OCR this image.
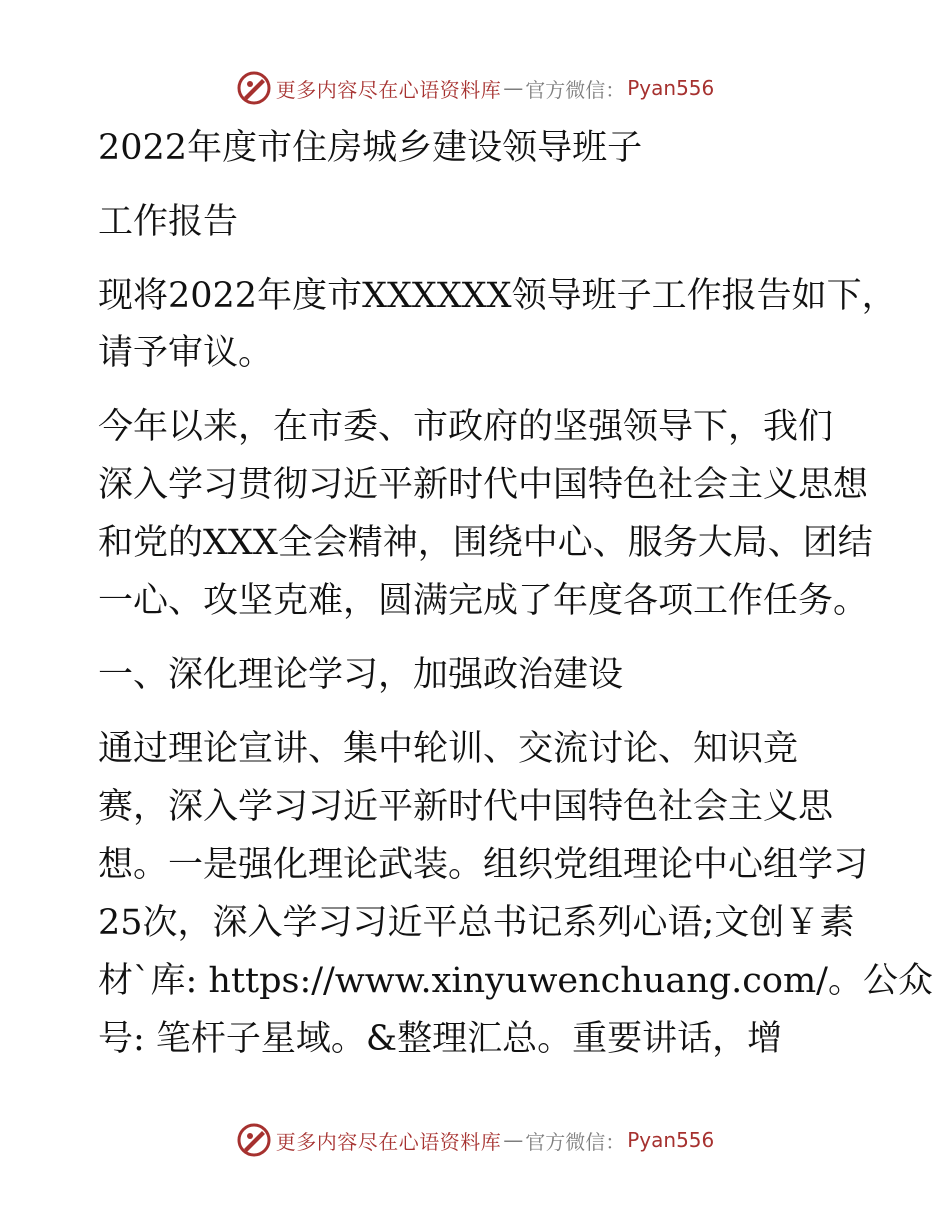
更多内容尽在心语资料库 — 官方微信： Pyan556
2022年度市住房城乡建设领导班子
工作报告
现将2022年度市XXXXXX领导班子工作报告如下，
请予审议。
今年以来，在市委、市政府的坚强领导下，我们
深入学习贯彻习近平新时代中国特色社会主义思想
和党的XXX全会精神，围绕中心、服务大局、团结
一心、攻坚克难，圆满完成了年度各项工作任务。
一、深化理论学习，加强政治建设
通过理论宣讲、集中轮训、交流讨论、知识竞
赛，深入学习习近平新时代中国特色社会主义思
想。一是强化理论武装。组织党组理论中心组学习
25次，深入学习习近平总书记系列心语;文创￥素
材`库: https://www.xinyuwenchuang.com/。公众
号: 笔杆子星域。&整理汇总。重要讲话，增
更多内容尽在心语资料库 — 官方微信： Pyan556
